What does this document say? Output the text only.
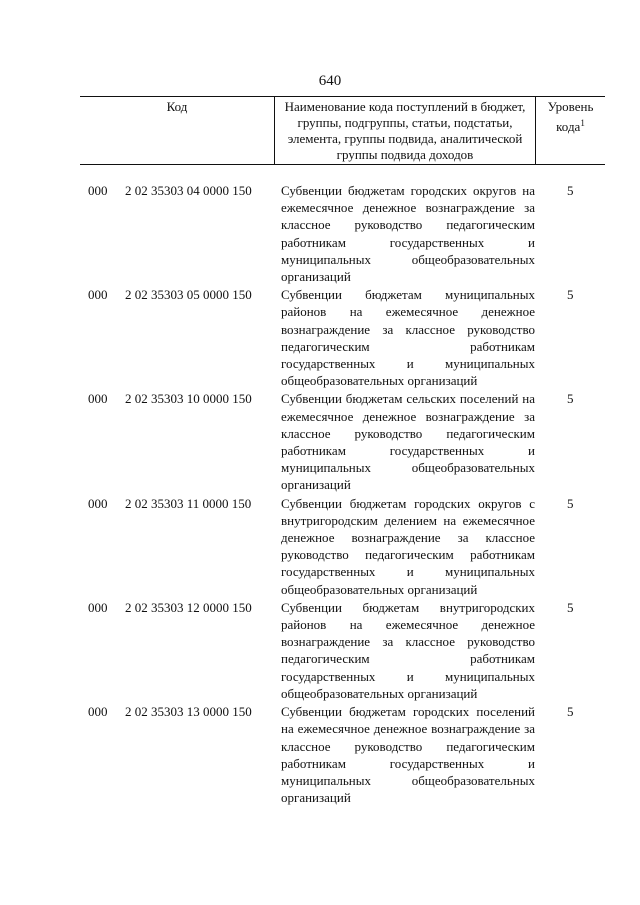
640
Код	Наименование кода поступлений в бюджет, группы, подгруппы, статьи, подстатьи, элемента, группы подвида, аналитической группы подвида доходов
Уровень кода$^1$
000 2 02 35303 04 0000 150 Субвенции бюджетам городских округов на ежемесячное денежное вознаграждение за классное руководство педагогическим работникам государственных и муниципальных общеобразовательных организаций
5
000 2 02 35303 05 0000 150 Субвенции бюджетам муниципальных районов на ежемесячное денежное вознаграждение за классное руководство педагогическим работникам государственных и муниципальных общеобразовательных организаций
5
000 2 02 35303 10 0000 150 Субвенции бюджетам сельских поселений на ежемесячное денежное вознаграждение за классное руководство педагогическим работникам государственных и муниципальных общеобразовательных организаций
5
000 2 02 35303 11 0000 150 Субвенции бюджетам городских округов с внутригородским делением на ежемесячное денежное вознаграждение за классное руководство педагогическим работникам государственных и муниципальных общеобразовательных организаций
5
000 2 02 35303 12 0000 150 Субвенции бюджетам внутригородских районов на ежемесячное денежное вознаграждение за классное руководство педагогическим работникам государственных и муниципальных общеобразовательных организаций
5
000 2 02 35303 13 0000 150 Субвенции бюджетам городских поселений на ежемесячное денежное вознаграждение за классное руководство педагогическим работникам государственных и муниципальных общеобразовательных организаций
5
